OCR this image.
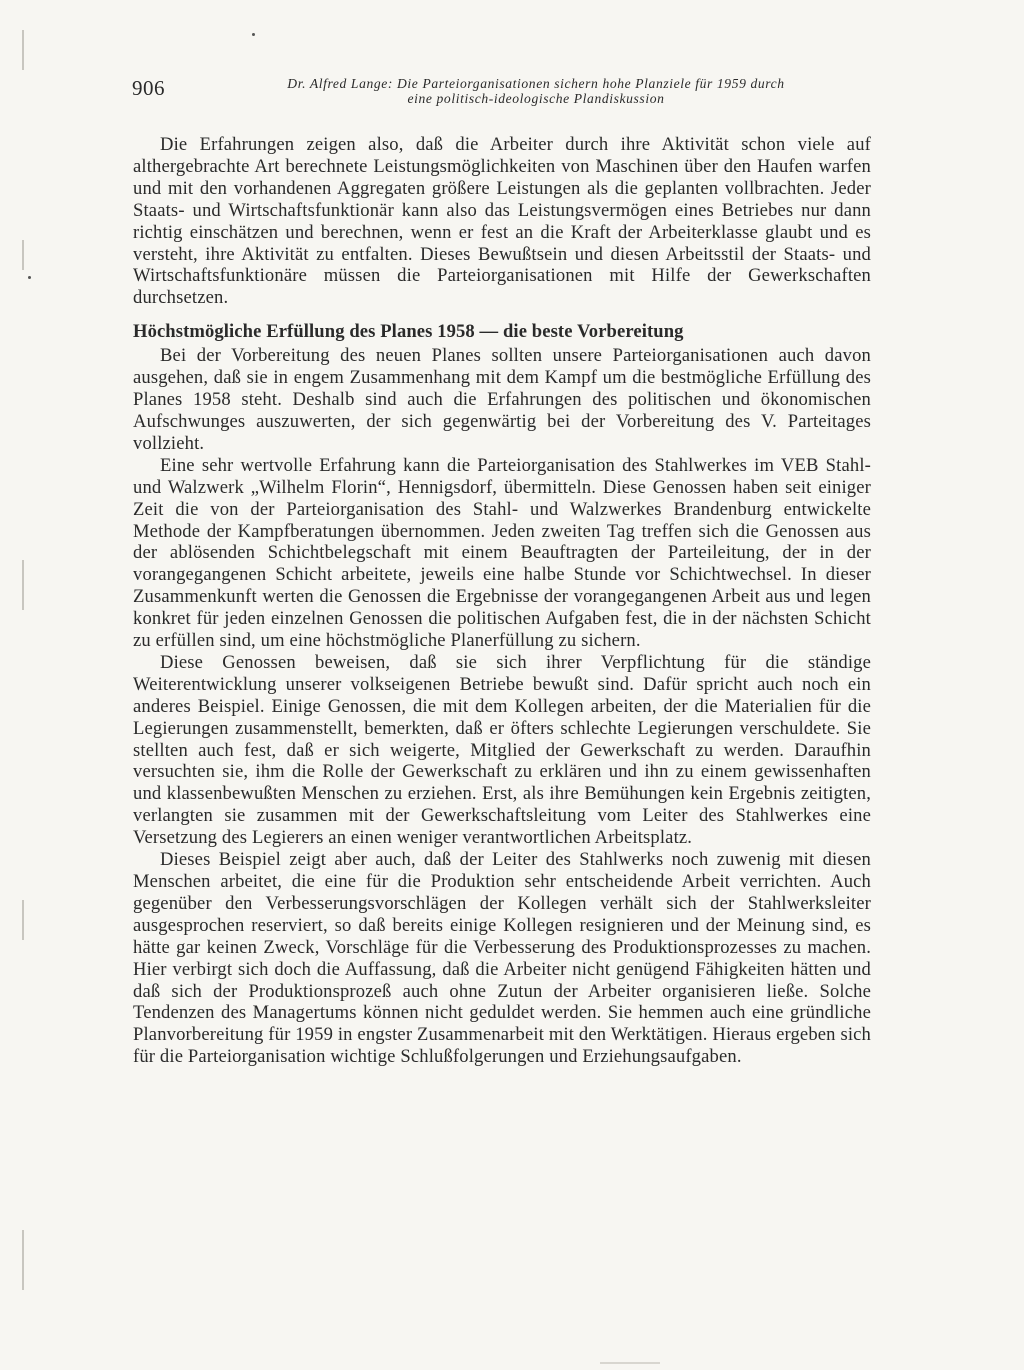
906	Dr. Alfred Lange: Die Parteiorganisationen sichern hohe Planziele für 1959 durch
eine politisch-ideologische Plandiskussion

Die Erfahrungen zeigen also, daß die Arbeiter durch ihre Aktivität schon viele auf althergebrachte Art berechnete Leistungsmöglichkeiten von Maschinen über den Haufen warfen und mit den vorhandenen Aggregaten größere Leistungen als die geplanten vollbrachten. Jeder Staats- und Wirtschaftsfunktionär kann also das Leistungsvermögen eines Betriebes nur dann richtig einschätzen und berechnen, wenn er fest an die Kraft der Arbeiterklasse glaubt und es versteht, ihre Aktivität zu entfalten. Dieses Bewußtsein und diesen Arbeitsstil der Staats- und Wirtschaftsfunktionäre müssen die Parteiorganisationen mit Hilfe der Gewerkschaften durchsetzen.

Höchstmögliche Erfüllung des Planes 1958 — die beste Vorbereitung

Bei der Vorbereitung des neuen Planes sollten unsere Parteiorganisationen auch davon ausgehen, daß sie in engem Zusammenhang mit dem Kampf um die bestmögliche Erfüllung des Planes 1958 steht. Deshalb sind auch die Erfahrungen des politischen und ökonomischen Aufschwunges auszuwerten, der sich gegenwärtig bei der Vorbereitung des V. Parteitages vollzieht.

Eine sehr wertvolle Erfahrung kann die Parteiorganisation des Stahlwerkes im VEB Stahl- und Walzwerk „Wilhelm Florin“, Hennigsdorf, übermitteln. Diese Genossen haben seit einiger Zeit die von der Parteiorganisation des Stahl- und Walzwerkes Brandenburg entwickelte Methode der Kampfberatungen übernommen. Jeden zweiten Tag treffen sich die Genossen aus der ablösenden Schichtbelegschaft mit einem Beauftragten der Parteileitung, der in der vorangegangenen Schicht arbeitete, jeweils eine halbe Stunde vor Schichtwechsel. In dieser Zusammenkunft werten die Genossen die Ergebnisse der vorangegangenen Arbeit aus und legen konkret für jeden einzelnen Genossen die politischen Aufgaben fest, die in der nächsten Schicht zu erfüllen sind, um eine höchstmögliche Planerfüllung zu sichern.

Diese Genossen beweisen, daß sie sich ihrer Verpflichtung für die ständige Weiterentwicklung unserer volkseigenen Betriebe bewußt sind. Dafür spricht auch noch ein anderes Beispiel. Einige Genossen, die mit dem Kollegen arbeiten, der die Materialien für die Legierungen zusammenstellt, bemerkten, daß er öfters schlechte Legierungen verschuldete. Sie stellten auch fest, daß er sich weigerte, Mitglied der Gewerkschaft zu werden. Daraufhin versuchten sie, ihm die Rolle der Gewerkschaft zu erklären und ihn zu einem gewissenhaften und klassenbewußten Menschen zu erziehen. Erst, als ihre Bemühungen kein Ergebnis zeitigten, verlangten sie zusammen mit der Gewerkschaftsleitung vom Leiter des Stahlwerkes eine Versetzung des Legierers an einen weniger verantwortlichen Arbeitsplatz.

Dieses Beispiel zeigt aber auch, daß der Leiter des Stahlwerks noch zuwenig mit diesen Menschen arbeitet, die eine für die Produktion sehr entscheidende Arbeit verrichten. Auch gegenüber den Verbesserungsvorschlägen der Kollegen verhält sich der Stahlwerksleiter ausgesprochen reserviert, so daß bereits einige Kollegen resignieren und der Meinung sind, es hätte gar keinen Zweck, Vorschläge für die Verbesserung des Produktionsprozesses zu machen. Hier verbirgt sich doch die Auffassung, daß die Arbeiter nicht genügend Fähigkeiten hätten und daß sich der Produktionsprozeß auch ohne Zutun der Arbeiter organisieren ließe. Solche Tendenzen des Managertums können nicht geduldet werden. Sie hemmen auch eine gründliche Planvorbereitung für 1959 in engster Zusammenarbeit mit den Werktätigen. Hieraus ergeben sich für die Parteiorganisation wichtige Schlußfolgerungen und Erziehungsaufgaben.
